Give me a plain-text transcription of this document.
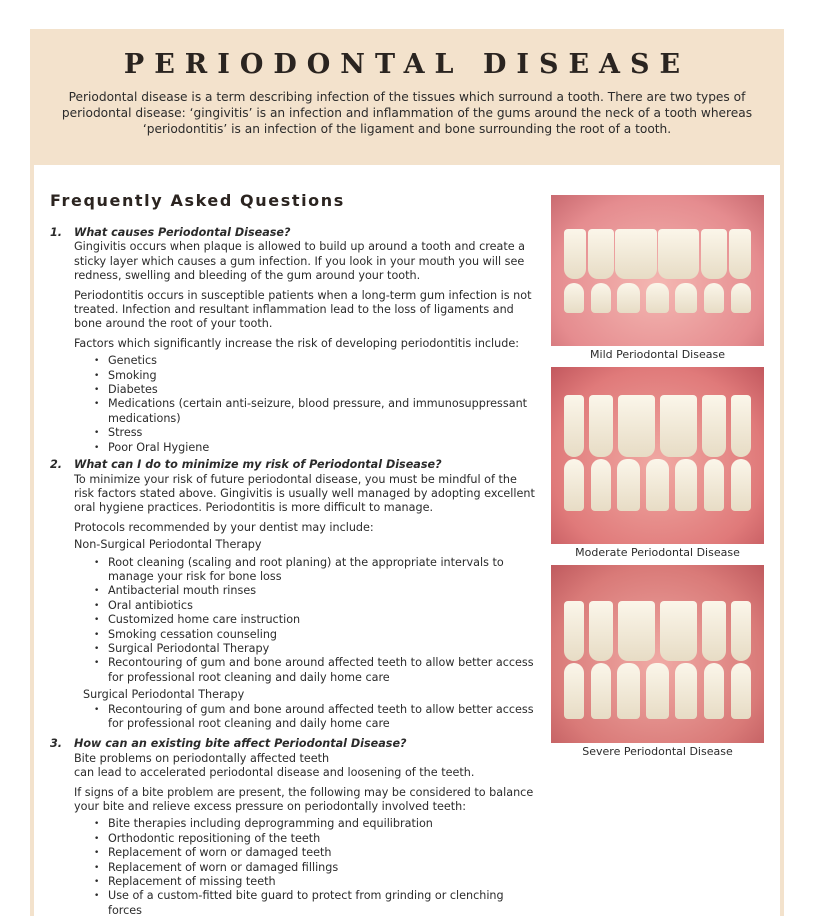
PERIODONTAL DISEASE

Periodontal disease is a term describing infection of the tissues which surround a tooth. There are two types of periodontal disease: ‘gingivitis’ is an infection and inflammation of the gums around the neck of a tooth whereas ‘periodontitis’ is an infection of the ligament and bone surrounding the root of a tooth.

Frequently Asked Questions
1.	What causes Periodontal Disease?

Gingivitis occurs when plaque is allowed to build up around a tooth and create a sticky layer which causes a gum infection. If you look in your mouth you will see redness, swelling and bleeding of the gum around your tooth.

Periodontitis occurs in susceptible patients when a long-term gum infection is not treated. Infection and resultant inflammation lead to the loss of ligaments and bone around the root of your tooth.

Factors which significantly increase the risk of developing periodontitis include:

• Genetics
• Smoking
• Diabetes
• Medications (certain anti-seizure, blood pressure, and immunosuppressant medications)
• Stress
• Poor Oral Hygiene
2.	What can I do to minimize my risk of Periodontal Disease?

To minimize your risk of future periodontal disease, you must be mindful of the risk factors stated above. Gingivitis is usually well managed by adopting excellent oral hygiene practices. Periodontitis is more difficult to manage.

Protocols recommended by your dentist may include:

Non-Surgical Periodontal Therapy

• Root cleaning (scaling and root planing) at the appropriate intervals to manage your risk for bone loss
• Antibacterial mouth rinses
• Oral antibiotics
• Customized home care instruction
• Smoking cessation counseling
• Surgical Periodontal Therapy
• Recontouring of gum and bone around affected teeth to allow better access for professional root cleaning and daily home care

Surgical Periodontal Therapy

• Recontouring of gum and bone around affected teeth to allow better access for professional root cleaning and daily home care
3.	How can an existing bite affect Periodontal Disease?

Bite problems on periodontally affected teeth

can lead to accelerated periodontal disease and loosening of the teeth.

If signs of a bite problem are present, the following may be considered to balance your bite and relieve excess pressure on periodontally involved teeth:

• Bite therapies including deprogramming and equilibration
• Orthodontic repositioning of the teeth
• Replacement of worn or damaged teeth
• Replacement of worn or damaged fillings
• Replacement of missing teeth
• Use of a custom-fitted bite guard to protect from grinding or clenching forces
Mild Periodontal Disease
Moderate Periodontal Disease
Severe Periodontal Disease
